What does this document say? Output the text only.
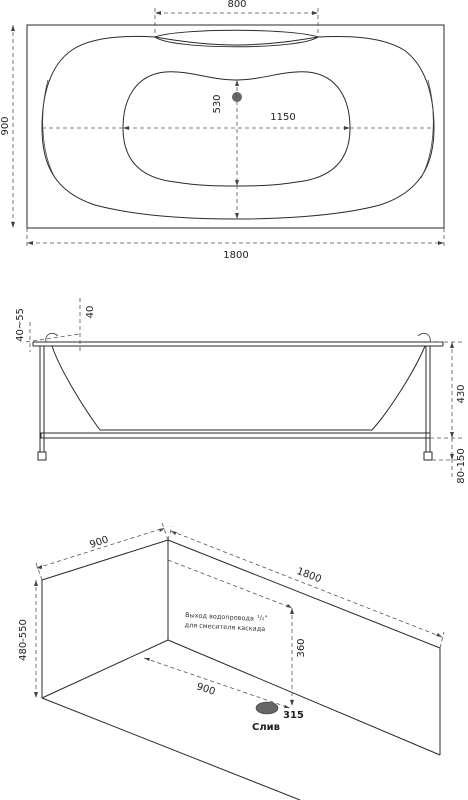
800
900
1800
1150
530
40~55	40
430
80-150
900
1800
480-550	360
900
315
Слив
Выход водопровода ¹/₂"
для смесителя каскада
